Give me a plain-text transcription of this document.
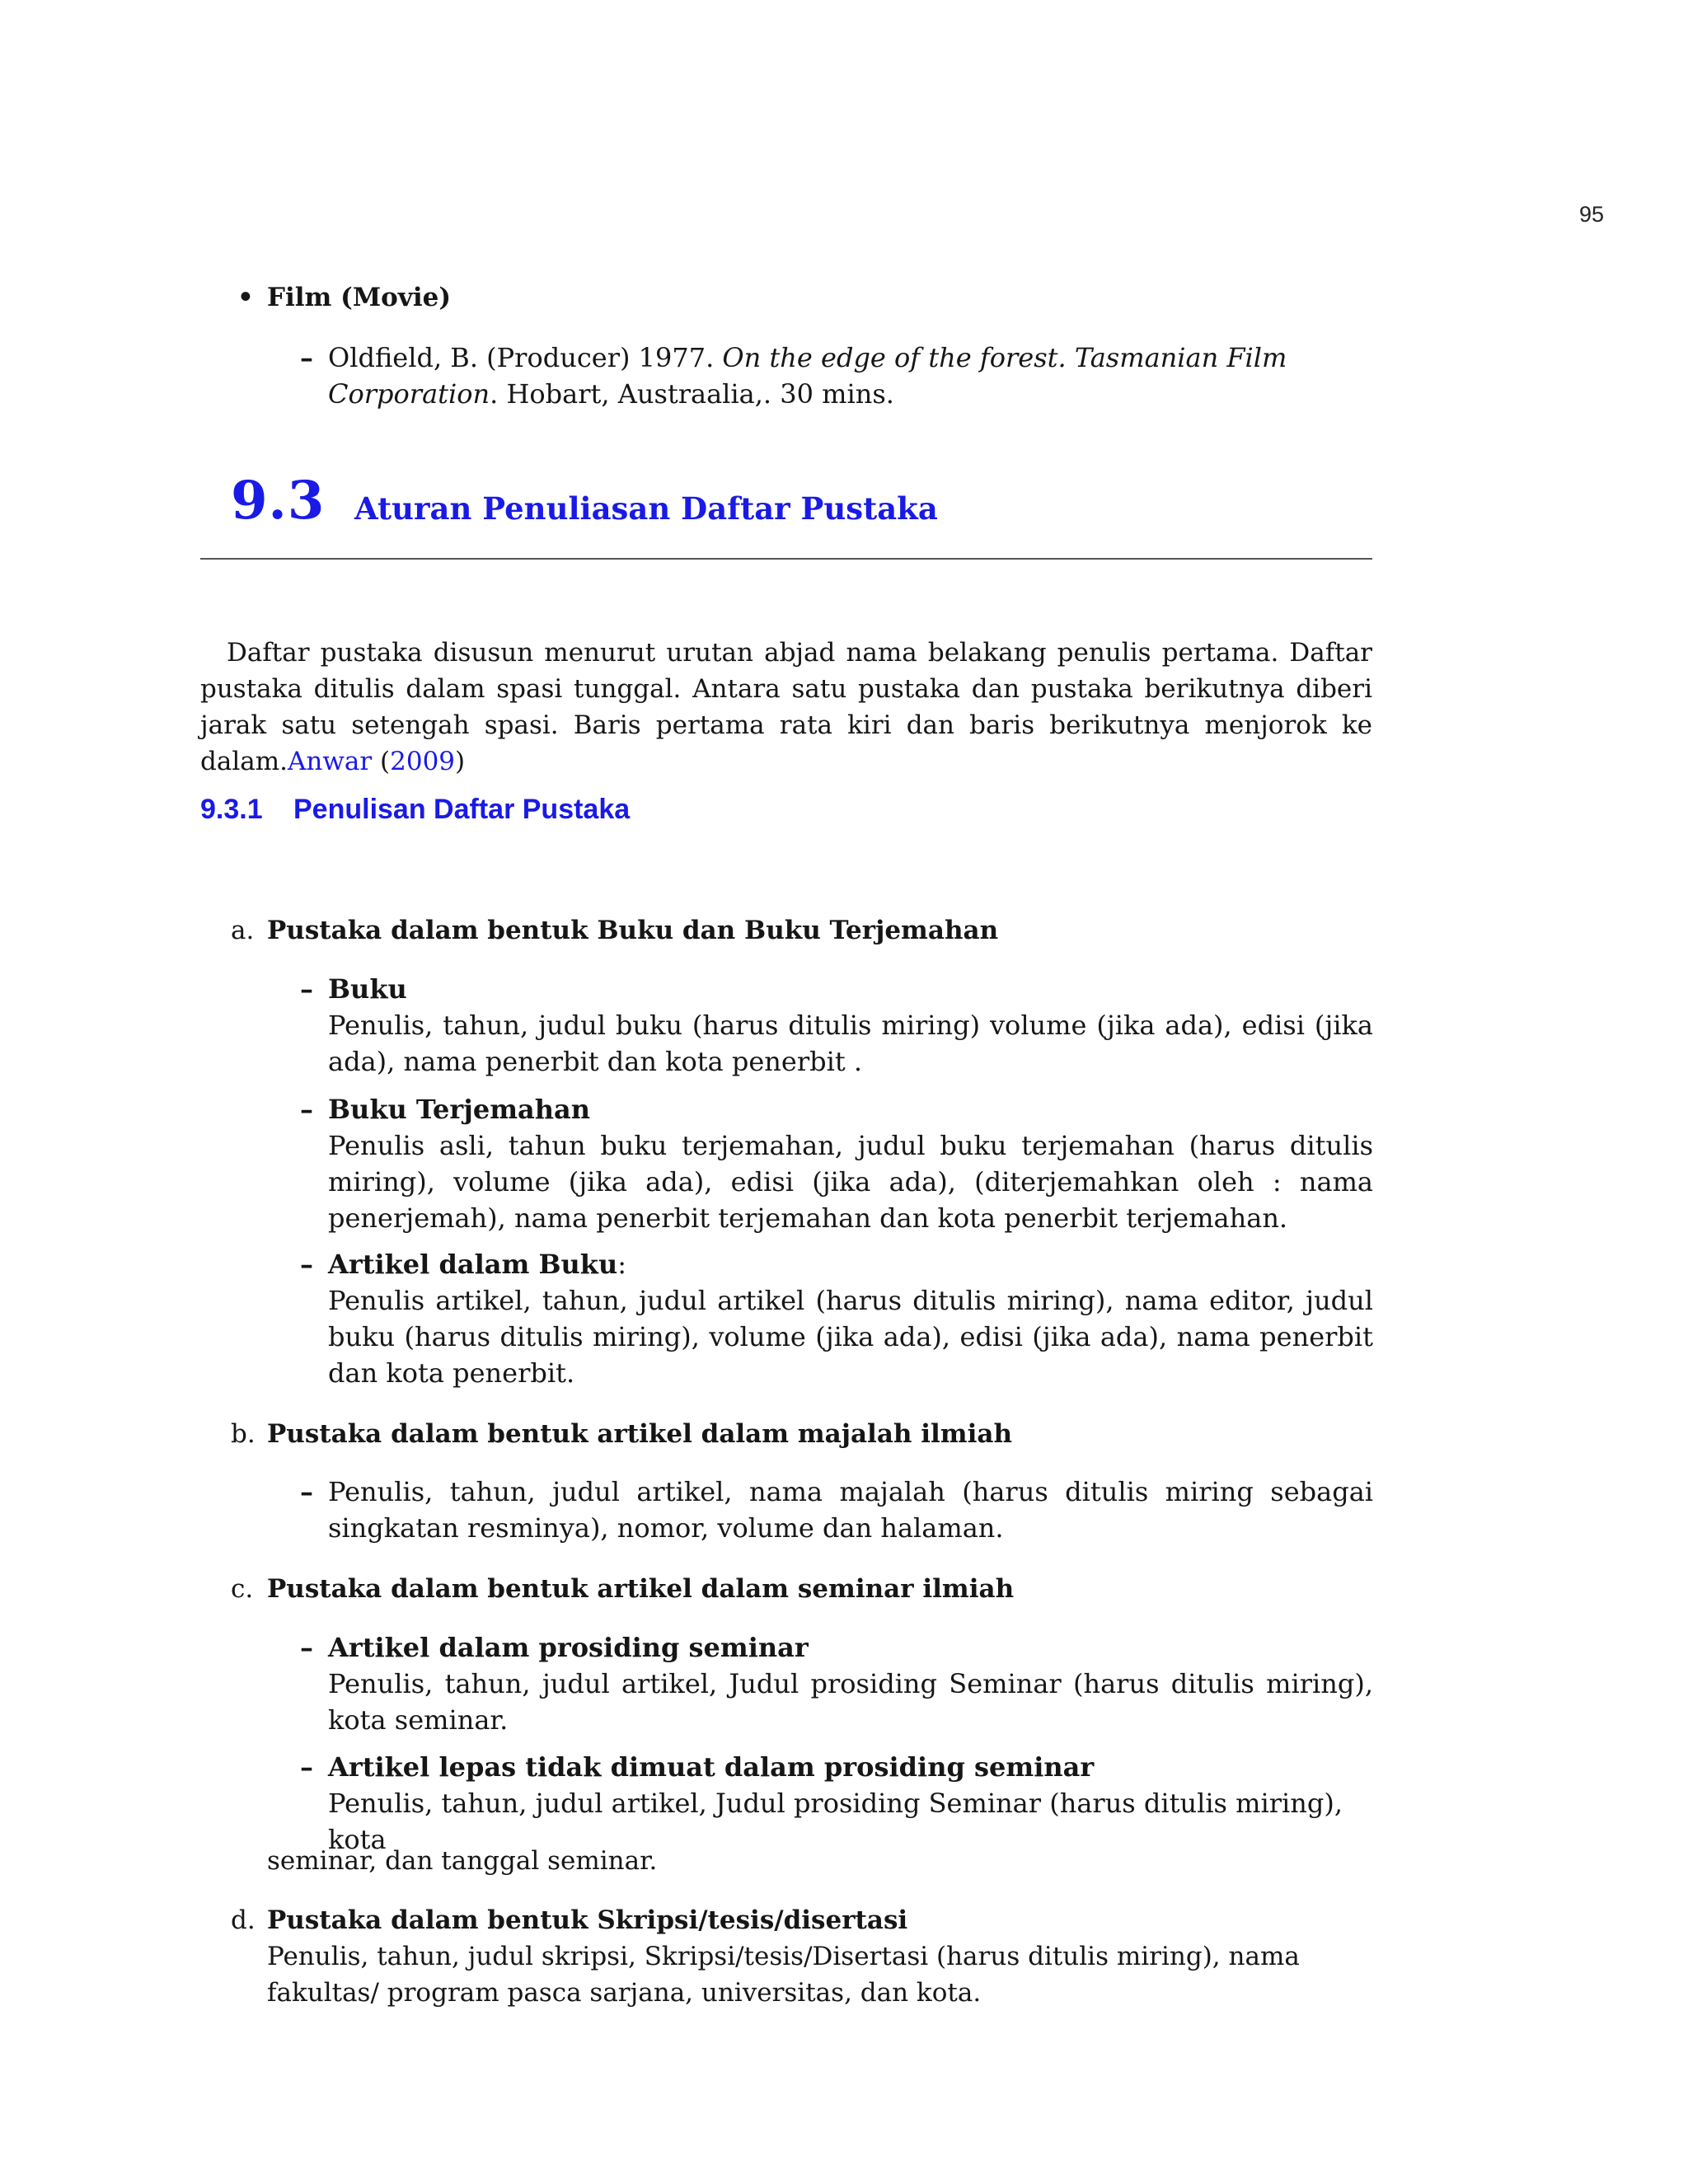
95
• Film (Movie)
– Oldfield, B. (Producer) 1977. On the edge of the forest. Tasmanian Film Corporation. Hobart, Austraalia,. 30 mins.
9.3 Aturan Penuliasan Daftar Pustaka
Daftar pustaka disusun menurut urutan abjad nama belakang penulis pertama. Daftar pustaka ditulis dalam spasi tunggal. Antara satu pustaka dan pustaka berikutnya diberi jarak satu setengah spasi. Baris pertama rata kiri dan baris berikutnya menjorok ke dalam.Anwar (2009)
9.3.1 Penulisan Daftar Pustaka
a. Pustaka dalam bentuk Buku dan Buku Terjemahan
– Buku
Penulis, tahun, judul buku (harus ditulis miring) volume (jika ada), edisi (jika ada), nama penerbit dan kota penerbit .
– Buku Terjemahan
Penulis asli, tahun buku terjemahan, judul buku terjemahan (harus ditulis miring), volume (jika ada), edisi (jika ada), (diterjemahkan oleh : nama penerjemah), nama penerbit terjemahan dan kota penerbit terjemahan.
– Artikel dalam Buku:
Penulis artikel, tahun, judul artikel (harus ditulis miring), nama editor, judul buku (harus ditulis miring), volume (jika ada), edisi (jika ada), nama penerbit dan kota penerbit.
b. Pustaka dalam bentuk artikel dalam majalah ilmiah
– Penulis, tahun, judul artikel, nama majalah (harus ditulis miring sebagai singkatan resminya), nomor, volume dan halaman.
c. Pustaka dalam bentuk artikel dalam seminar ilmiah
– Artikel dalam prosiding seminar
Penulis, tahun, judul artikel, Judul prosiding Seminar (harus ditulis miring), kota seminar.
– Artikel lepas tidak dimuat dalam prosiding seminar
Penulis, tahun, judul artikel, Judul prosiding Seminar (harus ditulis miring), kota
seminar, dan tanggal seminar.
d. Pustaka dalam bentuk Skripsi/tesis/disertasi
Penulis, tahun, judul skripsi, Skripsi/tesis/Disertasi (harus ditulis miring), nama fakultas/ program pasca sarjana, universitas, dan kota.
